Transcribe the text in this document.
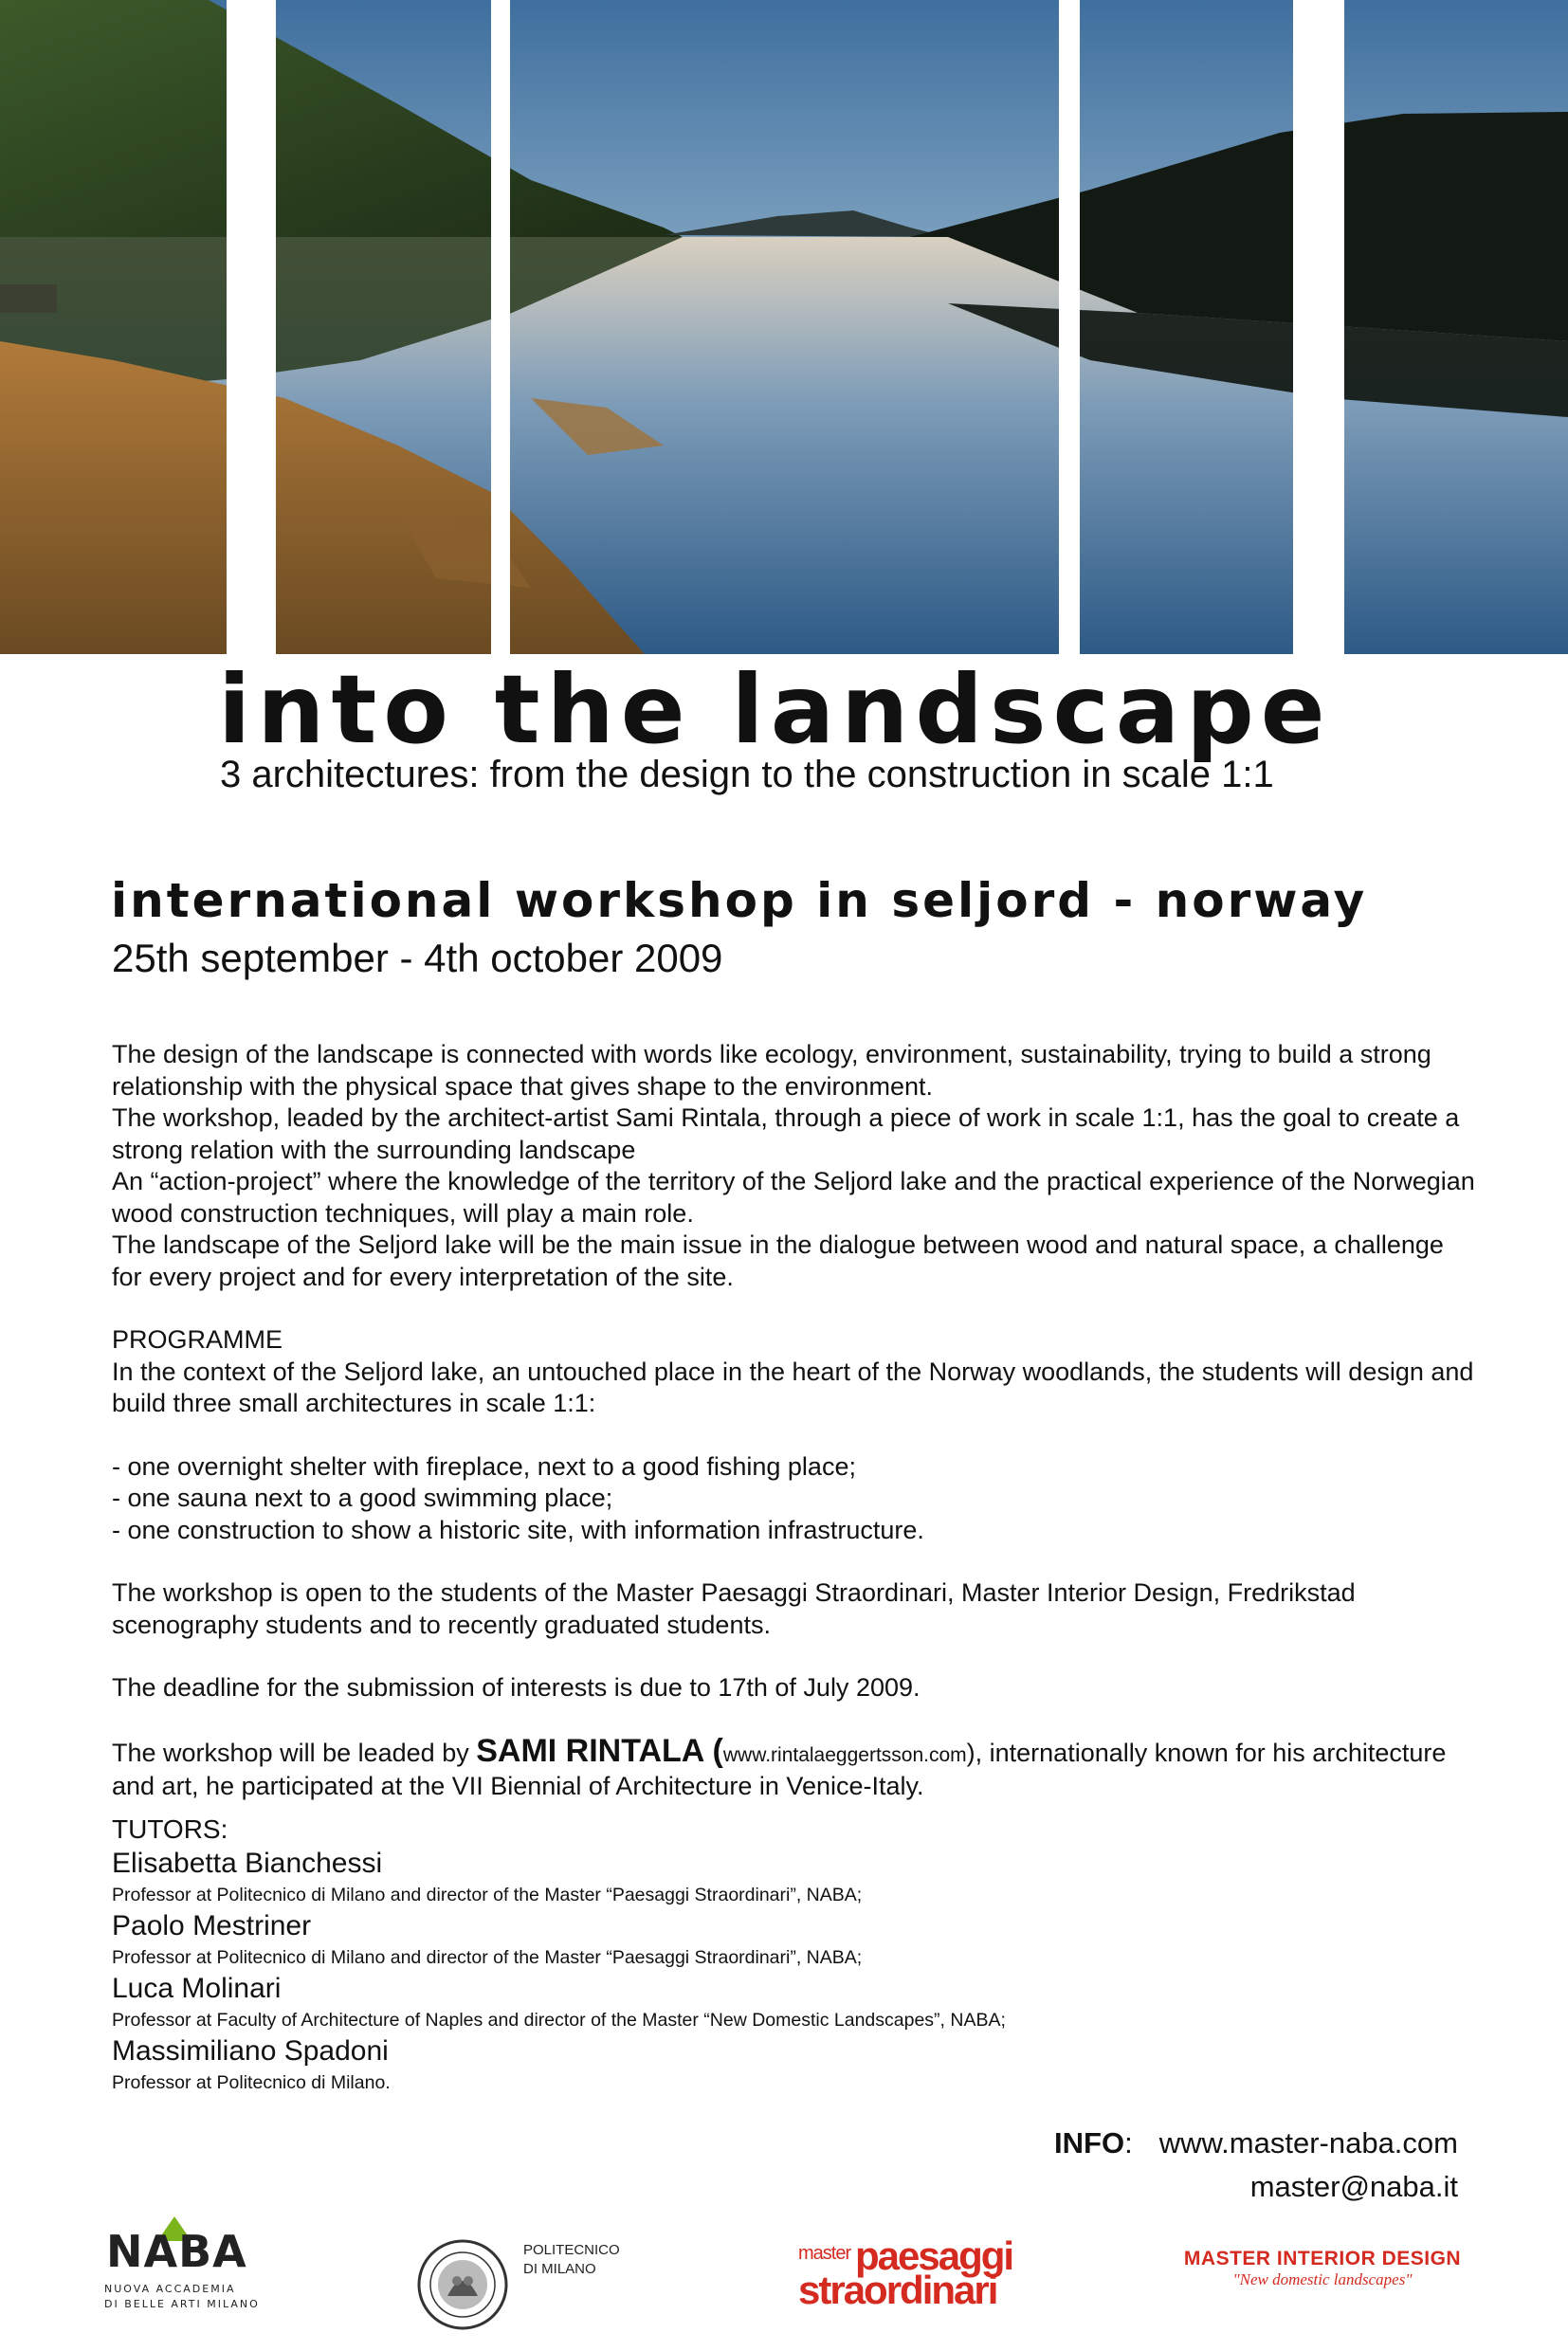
into the landscape
3 architectures: from the design to the construction in scale 1:1
international workshop in seljord - norway
25th september - 4th october 2009

The design of the landscape is connected with words like ecology, environment, sustainability, trying to build a strong relationship with the physical space that gives shape to the environment.

The workshop, leaded by the architect-artist Sami Rintala, through a piece of work in scale 1:1, has the goal to create a strong relation with the surrounding landscape

An “action-project” where the knowledge of the territory of the Seljord lake and the practical experience of the Norwegian wood construction techniques, will play a main role.

The landscape of the Seljord lake will be the main issue in the dialogue between wood and natural space, a challenge for every project and for every interpretation of the site.

PROGRAMME

In the context of the Seljord lake, an untouched place in the heart of the Norway woodlands, the students will design and build three small architectures in scale 1:1:

- one overnight shelter with fireplace, next to a good fishing place;

- one sauna next to a good swimming place;

- one construction to show a historic site, with information infrastructure.

The workshop is open to the students of the Master Paesaggi Straordinari, Master Interior Design, Fredrikstad scenography students and to recently graduated students.

The deadline for the submission of interests is due to 17th of July 2009.

The workshop will be leaded by SAMI RINTALA (www.rintalaeggertsson.com), internationally known for his architecture and art, he participated at the VII Biennial of Architecture in Venice-Italy.

TUTORS:
Elisabetta Bianchessi
Professor at Politecnico di Milano and director of the Master “Paesaggi Straordinari”, NABA;
Paolo Mestriner
Professor at Politecnico di Milano and director of the Master “Paesaggi Straordinari”, NABA;
Luca Molinari
Professor at Faculty of Architecture of Naples and director of the Master “New Domestic Landscapes”, NABA;
Massimiliano Spadoni
Professor at Politecnico di Milano.
INFO: www.master-naba.com
master@naba.it
NABA
NUOVA ACCADEMIA
DI BELLE ARTI MILANO
POLITECNICO
DI MILANO
master paesaggi
straordinari
MASTER INTERIOR DESIGN
"New domestic landscapes"
